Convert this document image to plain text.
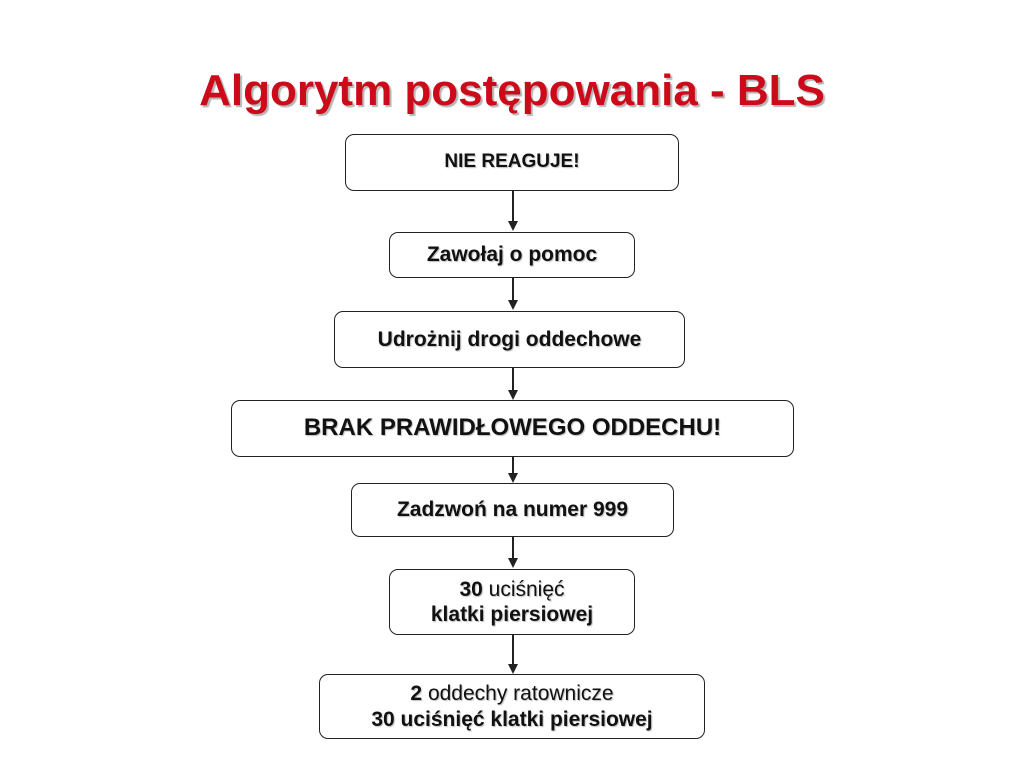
Algorytm postępowania - BLS
NIE REAGUJE!
Zawołaj o pomoc
Udrożnij drogi oddechowe
BRAK PRAWIDŁOWEGO ODDECHU!
Zadzwoń na numer 999
30 uciśnięć
klatki piersiowej
2 oddechy ratownicze
30 uciśnięć klatki piersiowej
